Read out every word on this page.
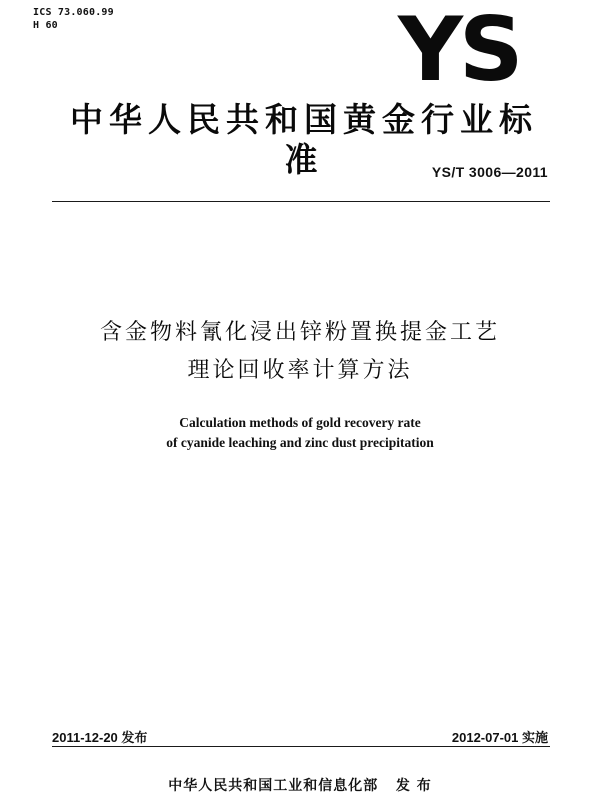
ICS 73.060.99
H 60	YS
中华人民共和国黄金行业标准	YS/T 3006—2011
含金物料氰化浸出锌粉置换提金工艺
理论回收率计算方法
Calculation methods of gold recovery rate
of cyanide leaching and zinc dust precipitation
2011-12-20 发布	2012-07-01 实施
中华人民共和国工业和信息化部   发 布
